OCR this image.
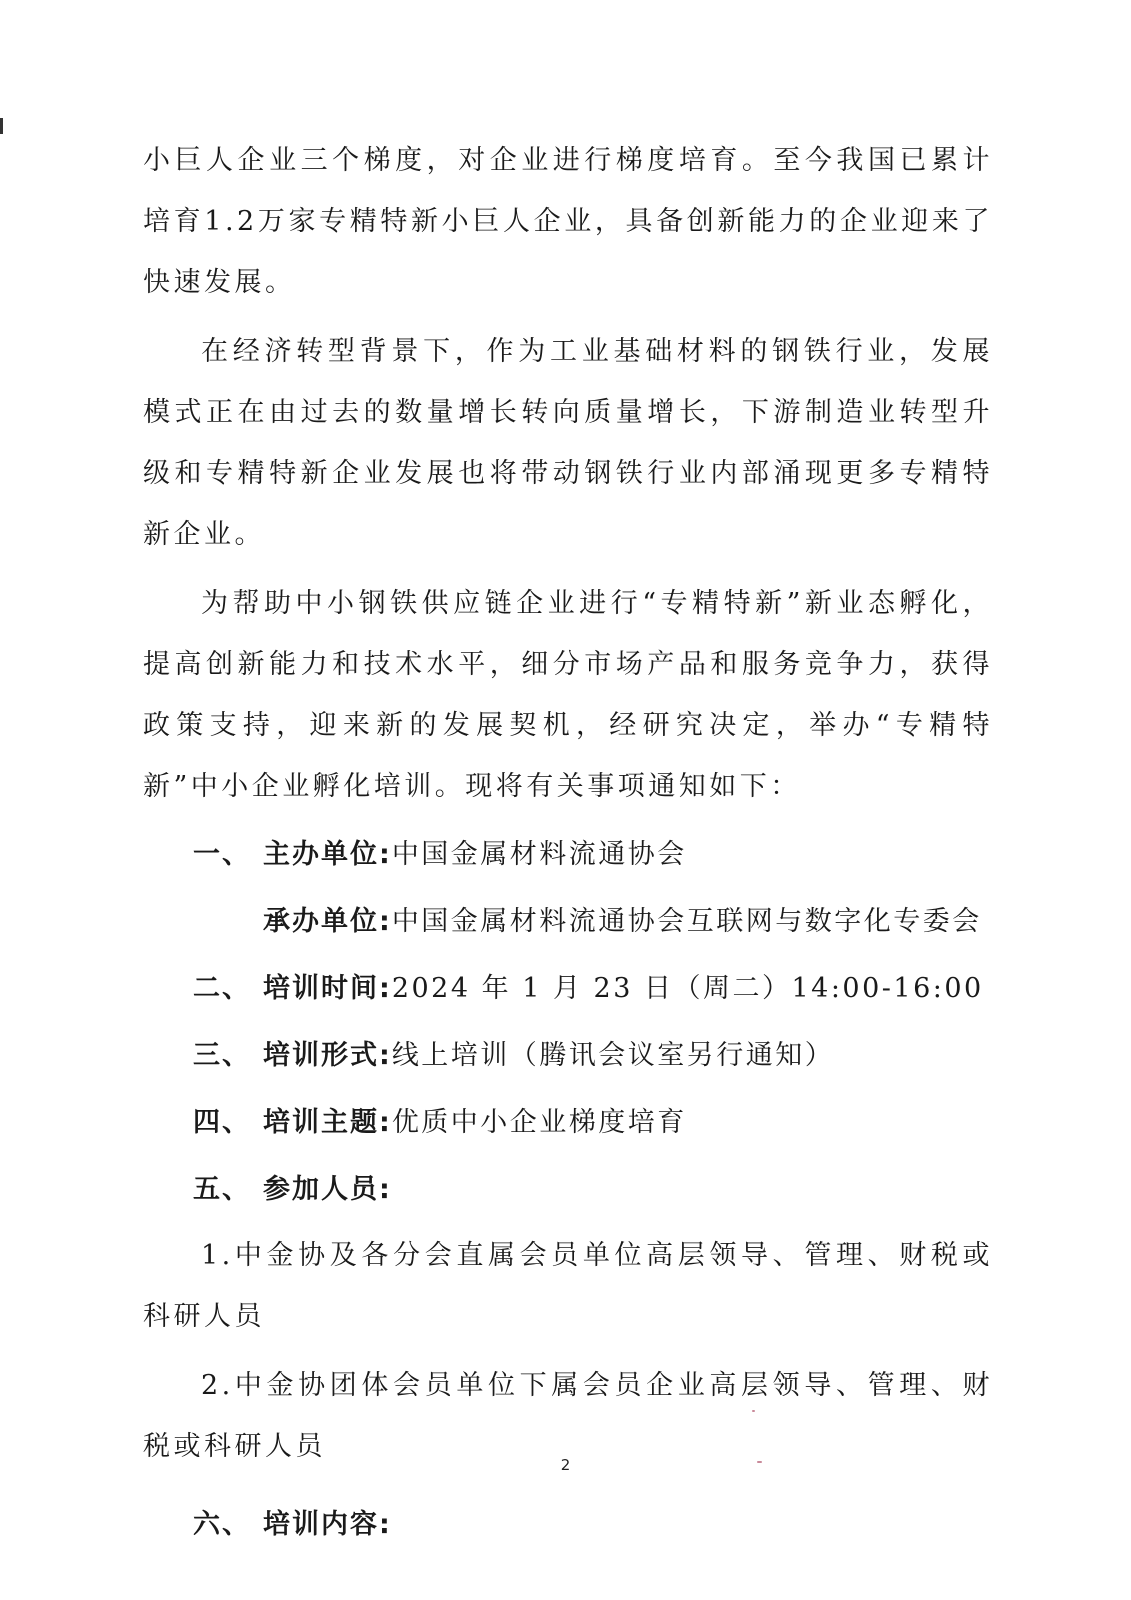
小巨人企业三个梯度，对企业进行梯度培育。至今我国已累计培育1.2万家专精特新小巨人企业，具备创新能力的企业迎来了快速发展。

在经济转型背景下，作为工业基础材料的钢铁行业，发展模式正在由过去的数量增长转向质量增长，下游制造业转型升级和专精特新企业发展也将带动钢铁行业内部涌现更多专精特新企业。

为帮助中小钢铁供应链企业进行“专精特新”新业态孵化，提高创新能力和技术水平，细分市场产品和服务竞争力，获得政策支持，迎来新的发展契机，经研究决定，举办“专精特新”中小企业孵化培训。现将有关事项通知如下：

一、 主办单位:中国金属材料流通协会

承办单位:中国金属材料流通协会互联网与数字化专委会

二、 培训时间:2024 年 1 月 23 日（周二）14:00-16:00

三、 培训形式:线上培训（腾讯会议室另行通知）

四、 培训主题:优质中小企业梯度培育

五、 参加人员:

1.中金协及各分会直属会员单位高层领导、管理、财税或科研人员

2.中金协团体会员单位下属会员企业高层领导、管理、财税或科研人员

六、 培训内容:

2
